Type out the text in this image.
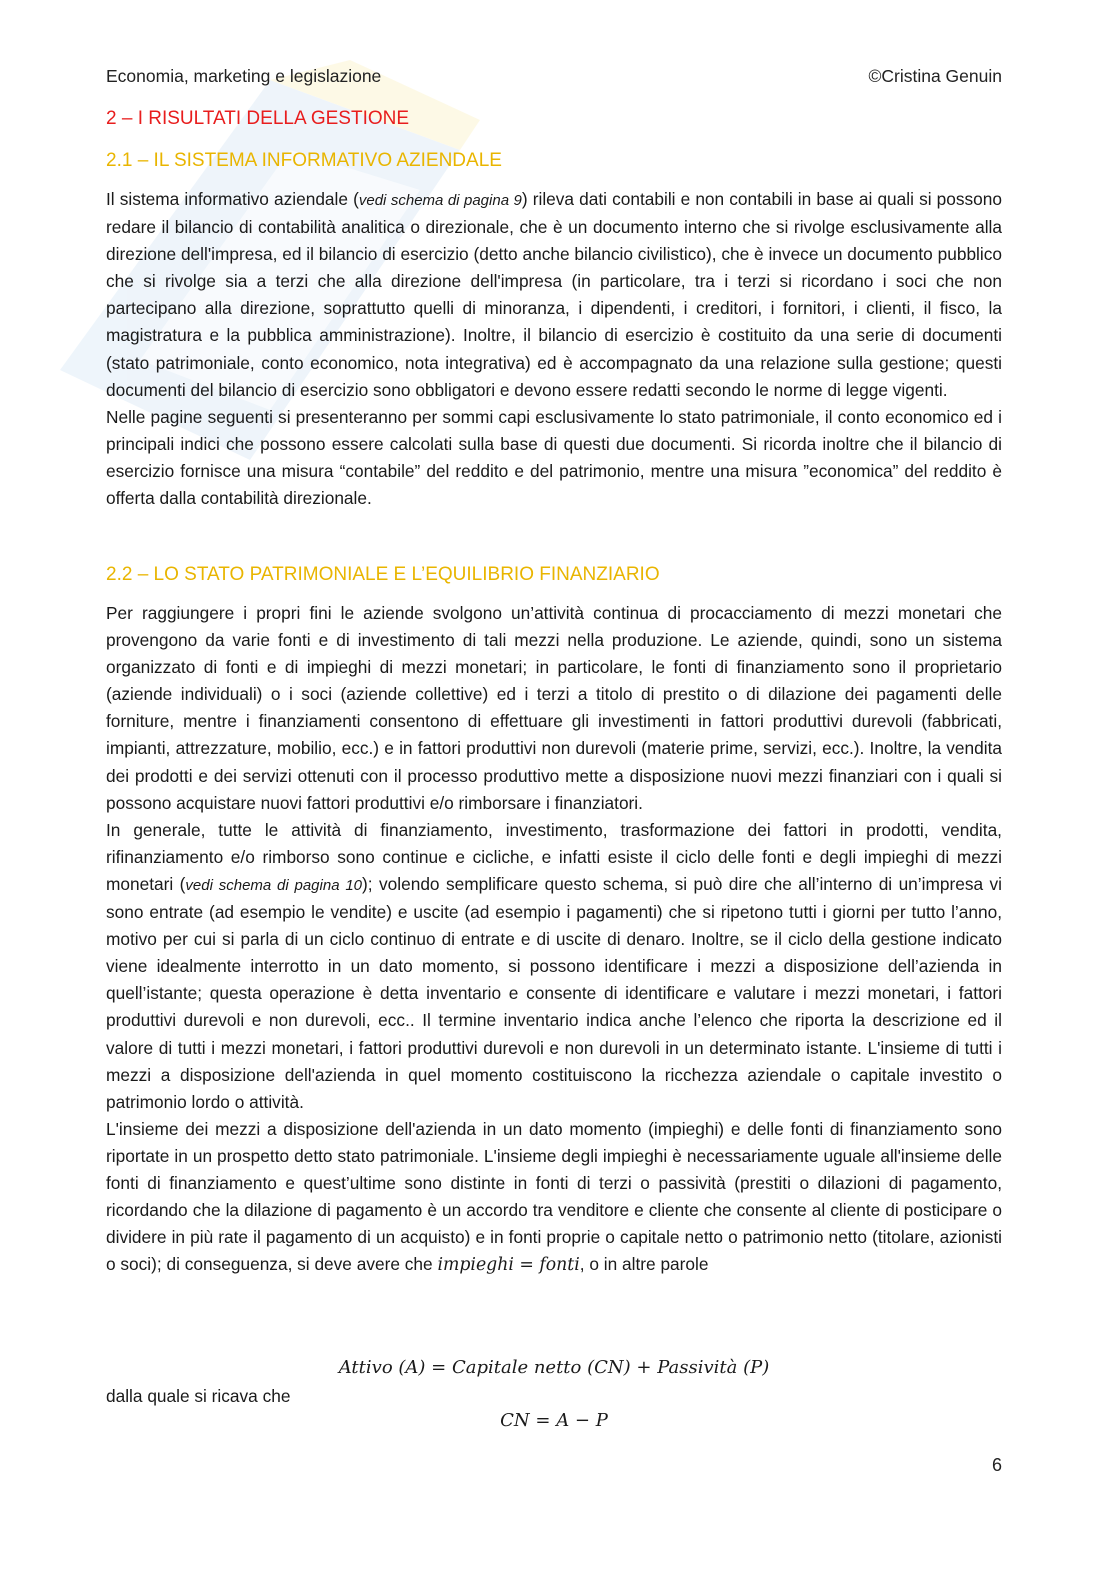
Economia, marketing e legislazione	©Cristina Genuin
2 – I RISULTATI DELLA GESTIONE
2.1 – IL SISTEMA INFORMATIVO AZIENDALE

Il sistema informativo aziendale (vedi schema di pagina 9) rileva dati contabili e non contabili in base ai quali si possono redare il bilancio di contabilità analitica o direzionale, che è un documento interno che si rivolge esclusivamente alla direzione dell'impresa, ed il bilancio di esercizio (detto anche bilancio civilistico), che è invece un documento pubblico che si rivolge sia a terzi che alla direzione dell'impresa (in particolare, tra i terzi si ricordano i soci che non partecipano alla direzione, soprattutto quelli di minoranza, i dipendenti, i creditori, i fornitori, i clienti, il fisco, la magistratura e la pubblica amministrazione). Inoltre, il bilancio di esercizio è costituito da una serie di documenti (stato patrimoniale, conto economico, nota integrativa) ed è accompagnato da una relazione sulla gestione; questi documenti del bilancio di esercizio sono obbligatori e devono essere redatti secondo le norme di legge vigenti.

Nelle pagine seguenti si presenteranno per sommi capi esclusivamente lo stato patrimoniale, il conto economico ed i principali indici che possono essere calcolati sulla base di questi due documenti. Si ricorda inoltre che il bilancio di esercizio fornisce una misura “contabile” del reddito e del patrimonio, mentre una misura ”economica” del reddito è offerta dalla contabilità direzionale.

2.2 – LO STATO PATRIMONIALE E L’EQUILIBRIO FINANZIARIO

Per raggiungere i propri fini le aziende svolgono un’attività continua di procacciamento di mezzi monetari che provengono da varie fonti e di investimento di tali mezzi nella produzione. Le aziende, quindi, sono un sistema organizzato di fonti e di impieghi di mezzi monetari; in particolare, le fonti di finanziamento sono il proprietario (aziende individuali) o i soci (aziende collettive) ed i terzi a titolo di prestito o di dilazione dei pagamenti delle forniture, mentre i finanziamenti consentono di effettuare gli investimenti in fattori produttivi durevoli (fabbricati, impianti, attrezzature, mobilio, ecc.) e in fattori produttivi non durevoli (materie prime, servizi, ecc.). Inoltre, la vendita dei prodotti e dei servizi ottenuti con il processo produttivo mette a disposizione nuovi mezzi finanziari con i quali si possono acquistare nuovi fattori produttivi e/o rimborsare i finanziatori.

In generale, tutte le attività di finanziamento, investimento, trasformazione dei fattori in prodotti, vendita, rifinanziamento e/o rimborso sono continue e cicliche, e infatti esiste il ciclo delle fonti e degli impieghi di mezzi monetari (vedi schema di pagina 10); volendo semplificare questo schema, si può dire che all’interno di un’impresa vi sono entrate (ad esempio le vendite) e uscite (ad esempio i pagamenti) che si ripetono tutti i giorni per tutto l’anno, motivo per cui si parla di un ciclo continuo di entrate e di uscite di denaro. Inoltre, se il ciclo della gestione indicato viene idealmente interrotto in un dato momento, si possono identificare i mezzi a disposizione dell’azienda in quell’istante; questa operazione è detta inventario e consente di identificare e valutare i mezzi monetari, i fattori produttivi durevoli e non durevoli, ecc.. Il termine inventario indica anche l’elenco che riporta la descrizione ed il valore di tutti i mezzi monetari, i fattori produttivi durevoli e non durevoli in un determinato istante. L'insieme di tutti i mezzi a disposizione dell'azienda in quel momento costituiscono la ricchezza aziendale o capitale investito o patrimonio lordo o attività.

L'insieme dei mezzi a disposizione dell'azienda in un dato momento (impieghi) e delle fonti di finanziamento sono riportate in un prospetto detto stato patrimoniale. L'insieme degli impieghi è necessariamente uguale all'insieme delle fonti di finanziamento e quest’ultime sono distinte in fonti di terzi o passività (prestiti o dilazioni di pagamento, ricordando che la dilazione di pagamento è un accordo tra venditore e cliente che consente al cliente di posticipare o dividere in più rate il pagamento di un acquisto) e in fonti proprie o capitale netto o patrimonio netto (titolare, azionisti o soci); di conseguenza, si deve avere che impieghi = fonti, o in altre parole

Attivo (A) = Capitale netto (CN) + Passività (P)

dalla quale si ricava che

CN = A − P
6
